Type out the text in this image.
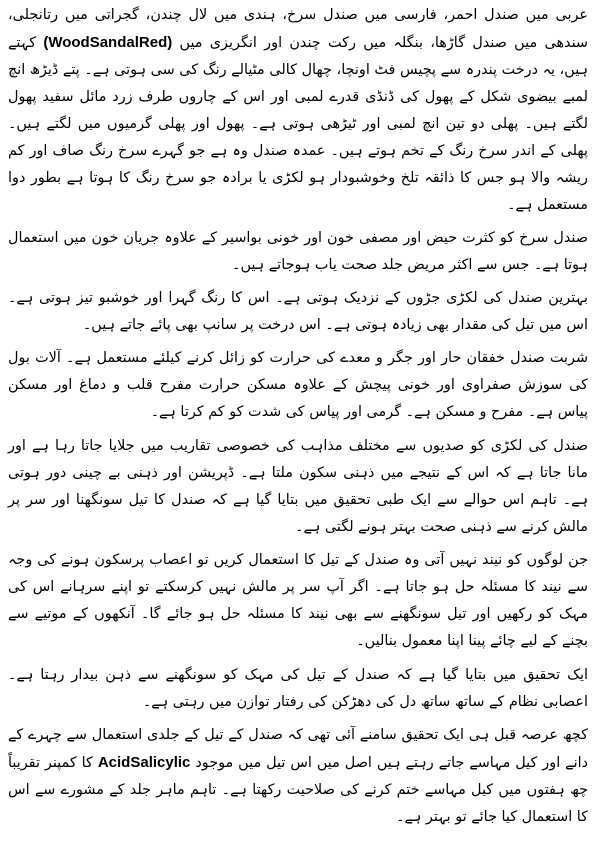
عربی میں صندل احمر، فارسی میں صندل سرخ، ہندی میں لال چندن، گجراتی میں رتانجلی، سندھی میں صندل گاڑھا، بنگلہ میں رکت چندن اور انگریزی میں (WoodSandalRed) کہتے ہیں، یہ درخت پندرہ سے پچیس فٹ اونچا، چھال کالی مٹیالے رنگ کی سی ہوتی ہے۔ پتے ڈیڑھ انچ لمبے بیضوی شکل کے پھول کی ڈنڈی قدرے لمبی اور اس کے چاروں طرف زرد مائل سفید پھول لگتے ہیں۔ پھلی دو تین انچ لمبی اور ٹیڑھی ہوتی ہے۔ پھول اور پھلی گرمیوں میں لگتے ہیں۔ پھلی کے اندر سرخ رنگ کے تخم ہوتے ہیں۔ عمدہ صندل وہ ہے جو گہرے سرخ رنگ صاف اور کم ریشہ والا ہو جس کا ذائقہ تلخ وخوشبودار ہو لکڑی یا برادہ جو سرخ رنگ کا ہوتا ہے بطور دوا مستعمل ہے۔

صندل سرخ کو کثرت حیض اور مصفی خون اور خونی بواسیر کے علاوہ جریان خون میں استعمال ہوتا ہے۔ جس سے اکثر مریض جلد صحت یاب ہوجاتے ہیں۔

بہترین صندل کی لکڑی جڑوں کے نزدیک ہوتی ہے۔ اس کا رنگ گہرا اور خوشبو تیز ہوتی ہے۔ اس میں تیل کی مقدار بھی زیادہ ہوتی ہے۔ اس درخت پر سانپ بھی پائے جاتے ہیں۔

شربت صندل خفقان حار اور جگر و معدے کی حرارت کو زائل کرنے کیلئے مستعمل ہے۔ آلات بول کی سوزش صفراوی اور خونی پیچش کے علاوہ مسکن حرارت مفرح قلب و دماغ اور مسکن پیاس ہے۔ مفرح و مسکن ہے۔ گرمی اور پیاس کی شدت کو کم کرتا ہے۔

صندل کی لکڑی کو صدیوں سے مختلف مذاہب کی خصوصی تقاریب میں جلایا جاتا رہا ہے اور مانا جاتا ہے کہ اس کے نتیجے میں ذہنی سکون ملتا ہے۔ ڈپریشن اور ذہنی بے چینی دور ہوتی ہے۔ تاہم اس حوالے سے ایک طبی تحقیق میں بتایا گیا ہے کہ صندل کا تیل سونگھنا اور سر پر مالش کرنے سے ذہنی صحت بہتر ہونے لگتی ہے۔

جن لوگوں کو نیند نہیں آتی وہ صندل کے تیل کا استعمال کریں تو اعصاب پرسکون ہونے کی وجہ سے نیند کا مسئلہ حل ہو جاتا ہے۔ اگر آپ سر پر مالش نہیں کرسکتے تو اپنے سرہانے اس کی مہک کو رکھیں اور تیل سونگھنے سے بھی نیند کا مسئلہ حل ہو جائے گا۔ آنکھوں کے موتیے سے بچنے کے لیے چائے پینا اپنا معمول بنالیں۔

ایک تحقیق میں بتایا گیا ہے کہ صندل کے تیل کی مہک کو سونگھنے سے ذہن بیدار رہتا ہے۔ اعصابی نظام کے ساتھ ساتھ دل کی دھڑکن کی رفتار توازن میں رہتی ہے۔

کچھ عرصہ قبل ہی ایک تحقیق سامنے آئی تھی کہ صندل کے تیل کے جلدی استعمال سے چہرے کے دانے اور کیل مہاسے جاتے رہتے ہیں اصل میں اس تیل میں موجود AcidSalicylic کا کمپنر تقریباً چھ ہفتوں میں کیل مہاسے ختم کرنے کی صلاحیت رکھتا ہے۔ تاہم ماہر جلد کے مشورے سے اس کا استعمال کیا جائے تو بہتر ہے۔
